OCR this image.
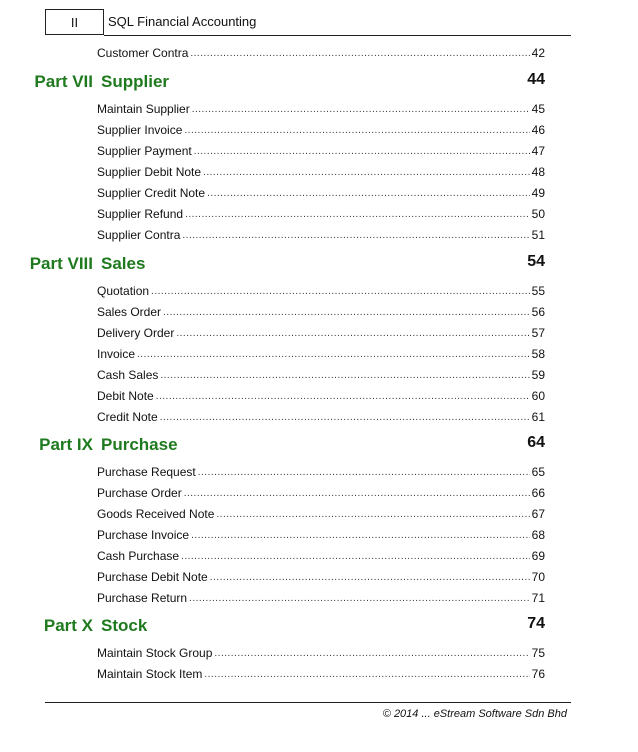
II SQL Financial Accounting
Customer Contra .....	42
Part VII Supplier	44
Maintain Supplier .....	45
Supplier Invoice .....	46
Supplier Payment .....	47
Supplier Debit Note .....	48
Supplier Credit Note .....	49
Supplier Refund .....	50
Supplier Contra .....	51
Part VIII Sales	54
Quotation .....	55
Sales Order .....	56
Delivery Order .....	57
Invoice .....	58
Cash Sales .....	59
Debit Note .....	60
Credit Note .....	61
Part IX Purchase	64
Purchase Request .....	65
Purchase Order .....	66
Goods Received Note .....	67
Purchase Invoice .....	68
Cash Purchase .....	69
Purchase Debit Note .....	70
Purchase Return .....	71
Part X Stock	74
Maintain Stock Group .....	75
Maintain Stock Item .....	76
© 2014 ... eStream Software Sdn Bhd
